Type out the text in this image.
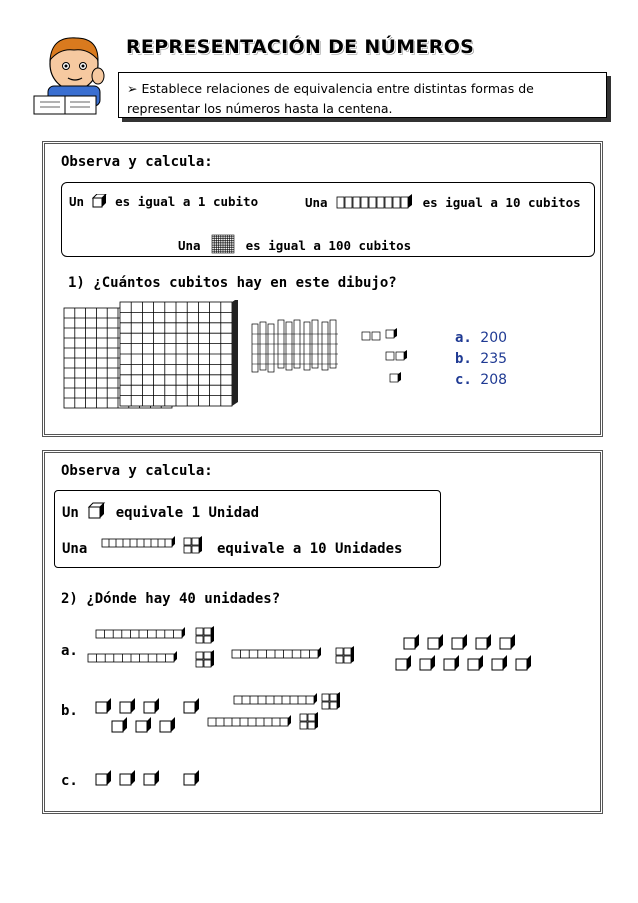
REPRESENTACIÓN DE NÚMEROS
➢ Establece relaciones de equivalencia entre distintas formas de representar los números hasta la centena.
Observa y calcula:
Un es igual a 1 cubito	Una	es igual a 10 cubitos
Una	es igual a 100 cubitos
1) ¿Cuántos cubitos hay en este dibujo?
a. 200
b. 235
c. 208
Observa y calcula:
Un	equivale 1 Unidad
Una	equivale a 10 Unidades
2) ¿Dónde hay 40 unidades?
a.
b.
c.
